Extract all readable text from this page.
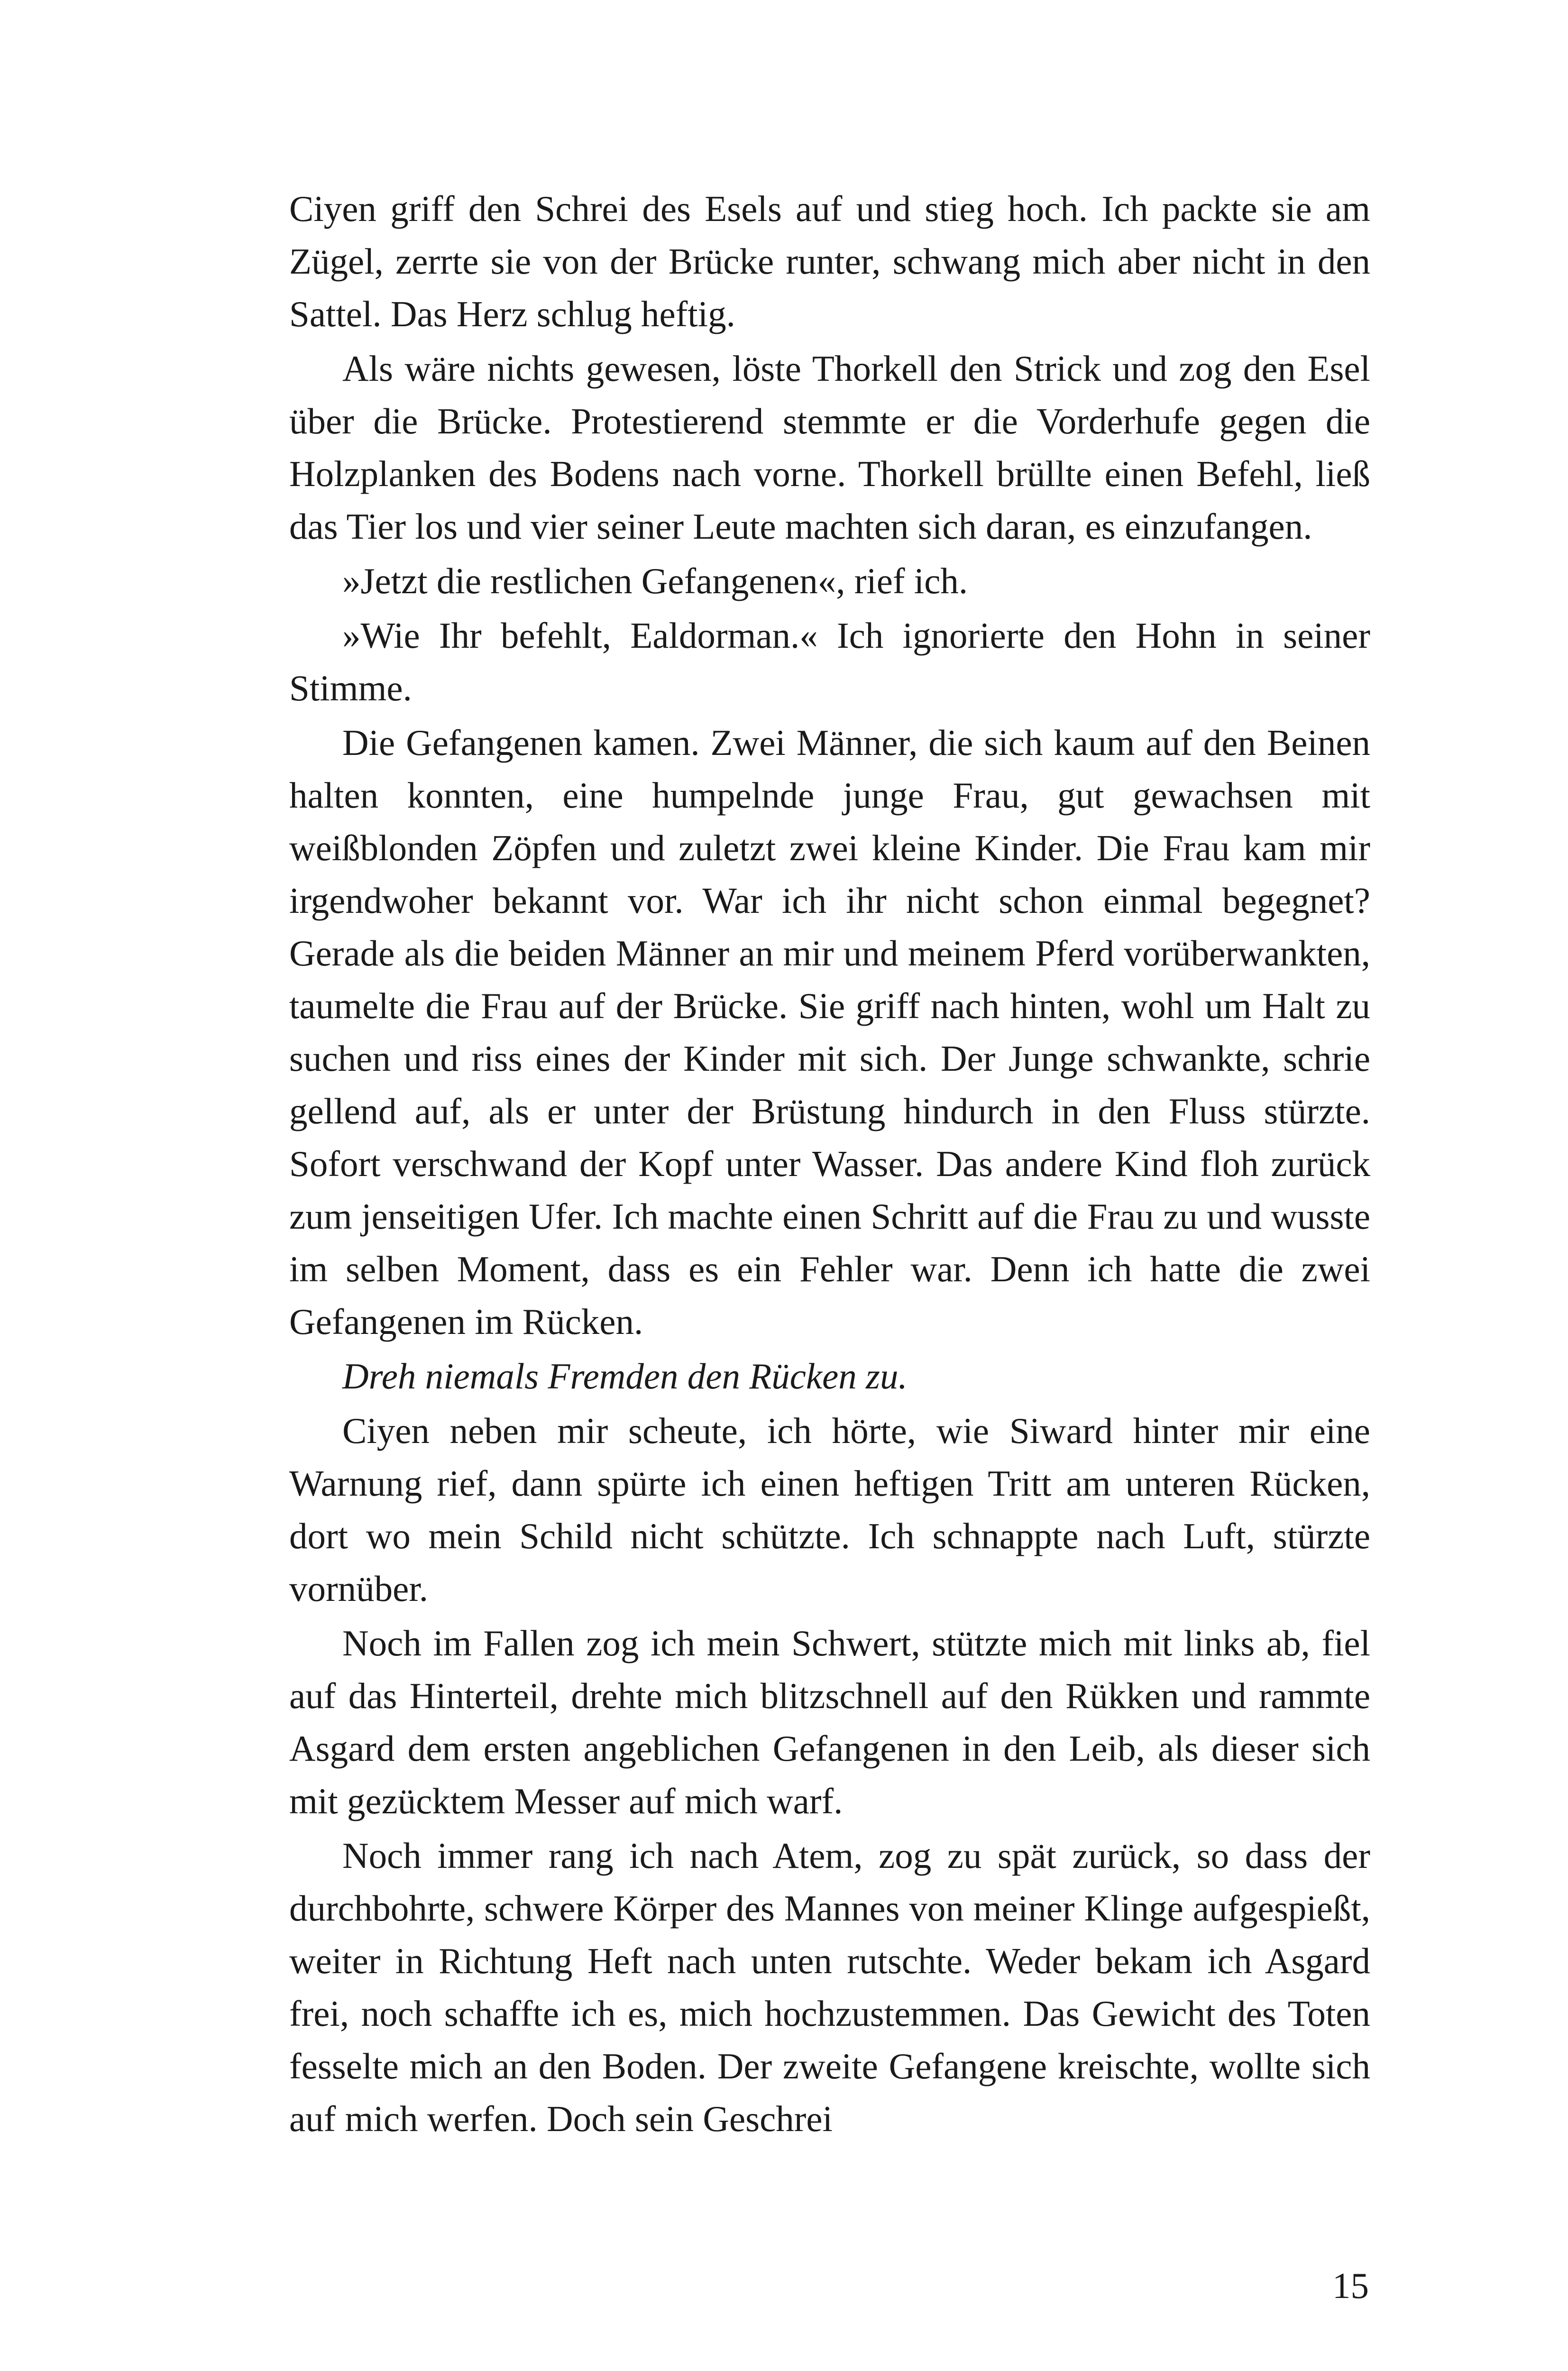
Ciyen griff den Schrei des Esels auf und stieg hoch. Ich packte sie am Zügel, zerrte sie von der Brücke runter, schwang mich aber nicht in den Sattel. Das Herz schlug heftig.

Als wäre nichts gewesen, löste Thorkell den Strick und zog den Esel über die Brücke. Protestierend stemmte er die Vorderhufe gegen die Holzplanken des Bodens nach vorne. Thorkell brüllte einen Befehl, ließ das Tier los und vier seiner Leute machten sich daran, es einzufangen.

»Jetzt die restlichen Gefangenen«, rief ich.

»Wie Ihr befehlt, Ealdorman.« Ich ignorierte den Hohn in seiner Stimme.

Die Gefangenen kamen. Zwei Männer, die sich kaum auf den Beinen halten konnten, eine humpelnde junge Frau, gut gewachsen mit weißblonden Zöpfen und zuletzt zwei kleine Kinder. Die Frau kam mir irgendwoher bekannt vor. War ich ihr nicht schon einmal begegnet? Gerade als die beiden Männer an mir und meinem Pferd vorüberwankten, taumelte die Frau auf der Brücke. Sie griff nach hinten, wohl um Halt zu suchen und riss eines der Kinder mit sich. Der Junge schwankte, schrie gellend auf, als er unter der Brüstung hindurch in den Fluss stürzte. Sofort verschwand der Kopf unter Wasser. Das andere Kind floh zurück zum jenseitigen Ufer. Ich machte einen Schritt auf die Frau zu und wusste im selben Moment, dass es ein Fehler war. Denn ich hatte die zwei Gefangenen im Rücken.

Dreh niemals Fremden den Rücken zu.

Ciyen neben mir scheute, ich hörte, wie Siward hinter mir eine Warnung rief, dann spürte ich einen heftigen Tritt am unteren Rücken, dort wo mein Schild nicht schützte. Ich schnappte nach Luft, stürzte vornüber.

Noch im Fallen zog ich mein Schwert, stützte mich mit links ab, fiel auf das Hinterteil, drehte mich blitzschnell auf den Rükken und rammte Asgard dem ersten angeblichen Gefangenen in den Leib, als dieser sich mit gezücktem Messer auf mich warf.

Noch immer rang ich nach Atem, zog zu spät zurück, so dass der durchbohrte, schwere Körper des Mannes von meiner Klinge aufgespießt, weiter in Richtung Heft nach unten rutschte. Weder bekam ich Asgard frei, noch schaffte ich es, mich hochzustemmen. Das Gewicht des Toten fesselte mich an den Boden. Der zweite Gefangene kreischte, wollte sich auf mich werfen. Doch sein Geschrei

15
